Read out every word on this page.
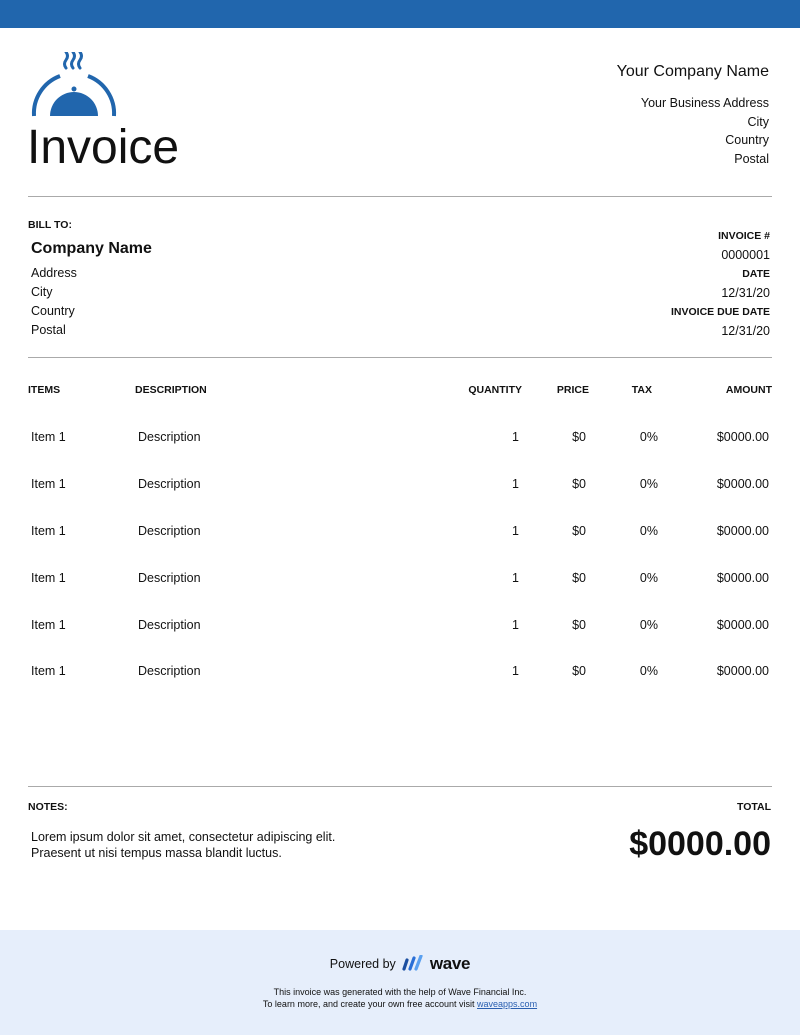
Invoice
Your Company Name
Your Business Address
City
Country
Postal
BILL TO:
Company Name
Address
City
Country
Postal
INVOICE #
0000001
DATE
12/31/20
INVOICE DUE DATE
12/31/20
ITEMS	DESCRIPTION	QUANTITY	PRICE	TAX	AMOUNT

Item 1	Description	1	$0	0%	$0000.00
Item 1	Description	1	$0	0%	$0000.00
Item 1	Description	1	$0	0%	$0000.00
Item 1	Description	1	$0	0%	$0000.00
Item 1	Description	1	$0	0%	$0000.00
Item 1	Description	1	$0	0%	$0000.00
NOTES:
Lorem ipsum dolor sit amet, consectetur adipiscing elit.
Praesent ut nisi tempus massa blandit luctus.
TOTAL
$0000.00
Powered by wave
This invoice was generated with the help of Wave Financial Inc.
To learn more, and create your own free account visit waveapps.com
